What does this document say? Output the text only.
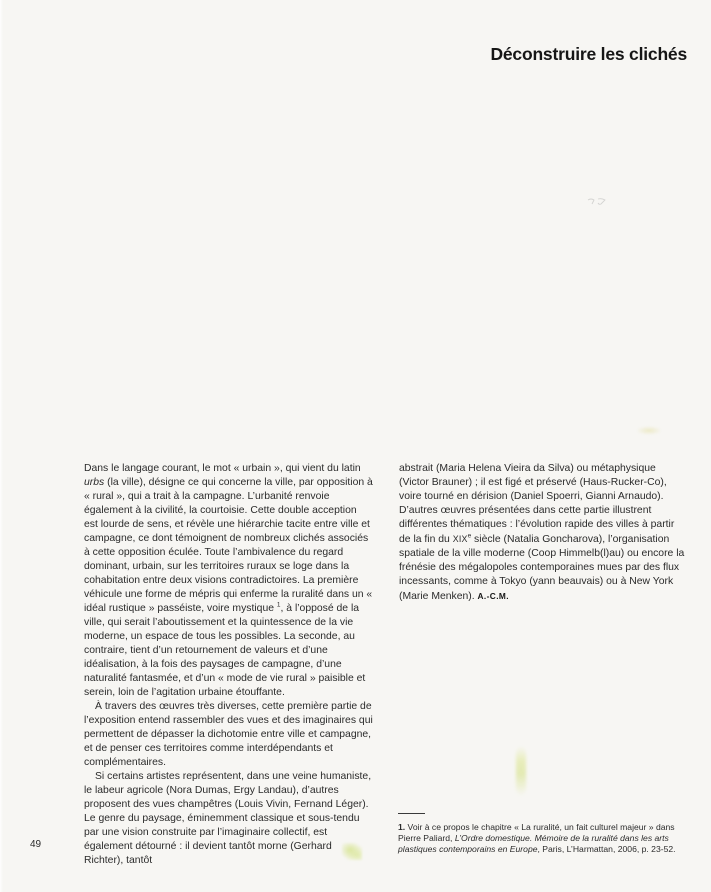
Déconstruire les clichés

Dans le langage courant, le mot « urbain », qui vient du latin urbs (la ville), désigne ce qui concerne la ville, par opposition à « rural », qui a trait à la campagne. L’urbanité renvoie également à la civilité, la courtoisie. Cette double acception est lourde de sens, et révèle une hiérarchie tacite entre ville et campagne, ce dont témoignent de nombreux clichés associés à cette opposition éculée. Toute l’ambivalence du regard dominant, urbain, sur les territoires ruraux se loge dans la cohabitation entre deux visions contradictoires. La première véhicule une forme de mépris qui enferme la ruralité dans un « idéal rustique » passéiste, voire mystique $^1$, à l’opposé de la ville, qui serait l’aboutissement et la quintessence de la vie moderne, un espace de tous les possibles. La seconde, au contraire, tient d’un retournement de valeurs et d’une idéalisation, à la fois des paysages de campagne, d’une naturalité fantasmée, et d’un « mode de vie rural » paisible et serein, loin de l’agitation urbaine étouffante.

À travers des œuvres très diverses, cette première partie de l’exposition entend rassembler des vues et des imaginaires qui permettent de dépasser la dichotomie entre ville et campagne, et de penser ces territoires comme interdépendants et complémentaires.

Si certains artistes représentent, dans une veine humaniste, le labeur agricole (Nora Dumas, Ergy Landau), d’autres proposent des vues champêtres (Louis Vivin, Fernand Léger). Le genre du paysage, éminemment classique et sous-tendu par une vision construite par l’imaginaire collectif, est également détourné : il devient tantôt morne (Gerhard Richter), tantôt

abstrait (Maria Helena Vieira da Silva) ou métaphysique (Victor Brauner) ; il est figé et préservé (Haus-Rucker-Co), voire tourné en dérision (Daniel Spoerri, Gianni Arnaudo). D’autres œuvres présentées dans cette partie illustrent différentes thématiques : l’évolution rapide des villes à partir de la fin du XIXe siècle (Natalia Goncharova), l’organisation spatiale de la ville moderne (Coop Himmelb(l)au) ou encore la frénésie des mégalopoles contemporaines mues par des flux incessants, comme à Tokyo (yann beauvais) ou à New York (Marie Menken). A.-C.M.

1. Voir à ce propos le chapitre « La ruralité, un fait culturel majeur » dans Pierre Paliard, L’Ordre domestique. Mémoire de la ruralité dans les arts plastiques contemporains en Europe, Paris, L’Harmattan, 2006, p. 23-52.

49
